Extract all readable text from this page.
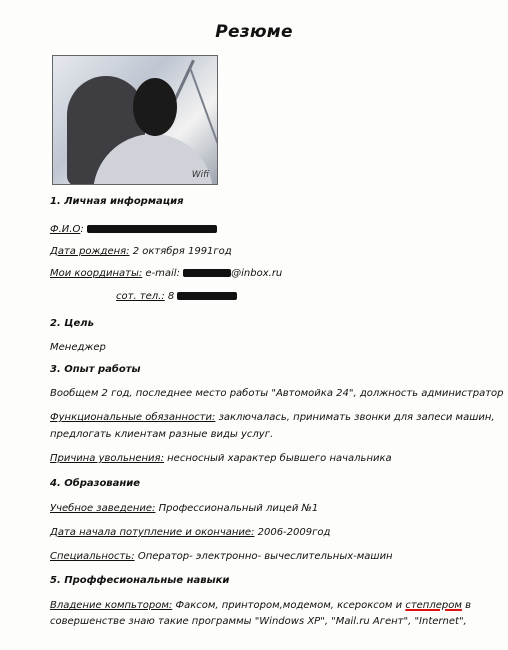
Резюме
Wifi
1. Личная информация
Ф.И.О:
Дата рожденя: 2 октября 1991год
Мои координаты: e-mail:	@inbox.ru
сот. тел.: 8
2. Цель
Менеджер
3. Опыт работы
Вообщем 2 год, последнее место работы "Автомойка 24", должность администратор
Функциональные обязанности: заключалась, принимать звонки для запеси машин,
предлогать клиентам разные виды услуг.
Причина увольнения: несносный характер бывшего начальника
4. Образование
Учебное заведение: Профессиональный лицей №1
Дата начала потупление и окончание: 2006-2009год
Специальность: Оператор- электронно- вычеслительных-машин
5. Проффесиональные навыки
Владение компьтором: Факсом, принтором,модемом, ксероксом и степлером в
совершенстве знаю такие программы "Windows XP", "Mail.ru Агент", "Internet",
